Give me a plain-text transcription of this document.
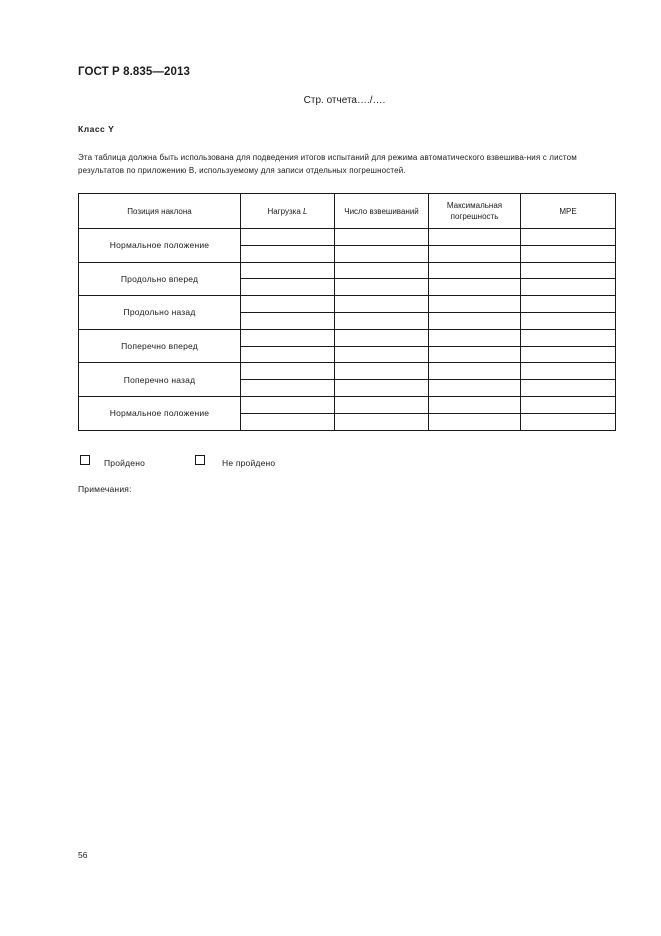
ГОСТ Р 8.835—2013
Стр. отчета…./….
Класс Y
Эта таблица должна быть использована для подведения итогов испытаний для режима автоматического взвешива-ния с листом результатов по приложению В, используемому для записи отдельных погрешностей.
Позиция наклона	Нагрузка L	Число взвешиваний	Максимальная погрешность	MPE
Нормальное положение				

Продольно вперед				

Продольно назад				

Поперечно вперед				

Поперечно назад				

Нормальное положение				

Пройдено	Не пройдено
Примечания:
56
